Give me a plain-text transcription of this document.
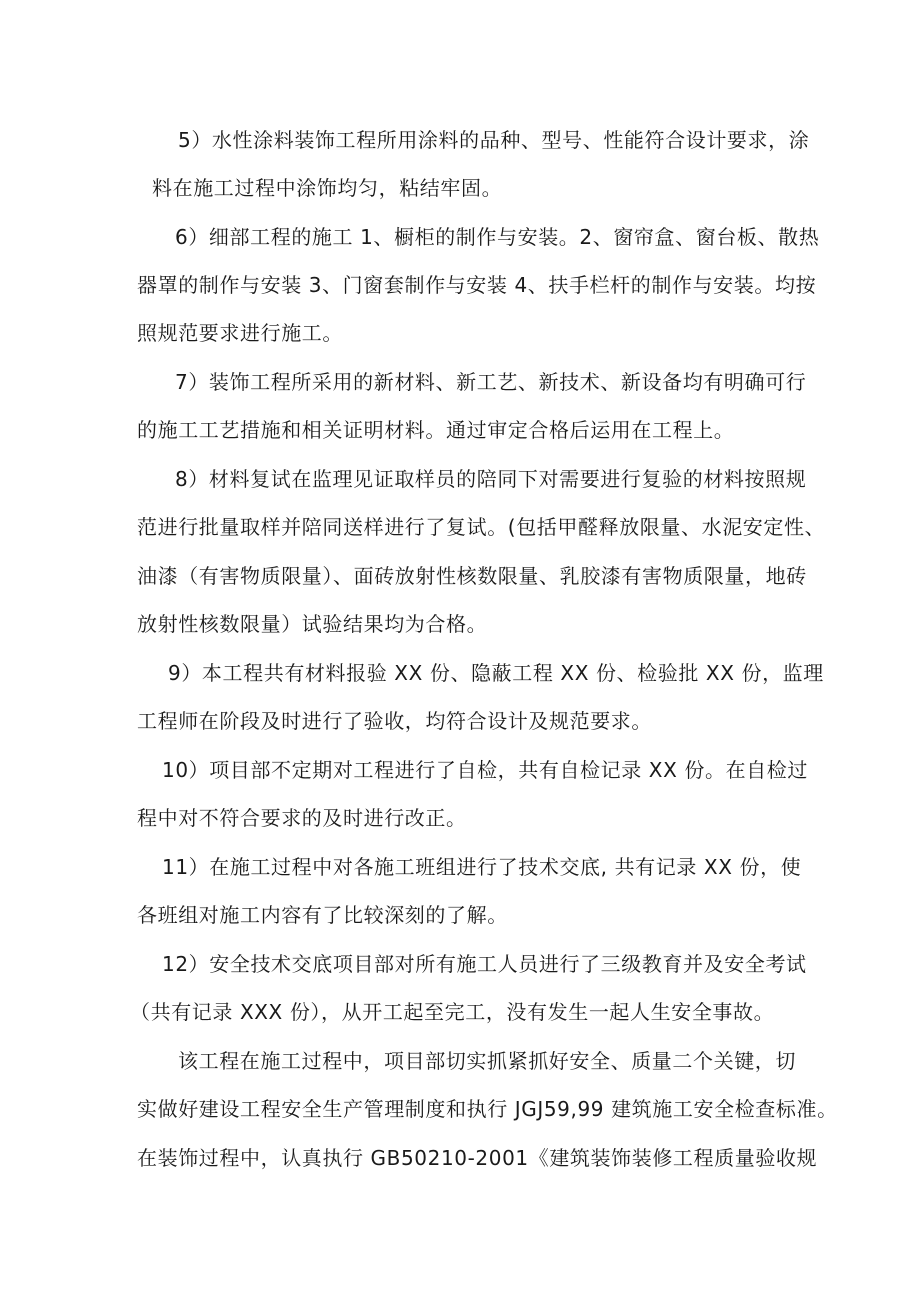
5）水性涂料装饰工程所用涂料的品种、型号、性能符合设计要求，涂
料在施工过程中涂饰均匀，粘结牢固。
6）细部工程的施工 1、橱柜的制作与安装。2、窗帘盒、窗台板、散热
器罩的制作与安装 3、门窗套制作与安装 4、扶手栏杆的制作与安装。均按
照规范要求进行施工。
7）装饰工程所采用的新材料、新工艺、新技术、新设备均有明确可行
的施工工艺措施和相关证明材料。通过审定合格后运用在工程上。
8）材料复试在监理见证取样员的陪同下对需要进行复验的材料按照规
范进行批量取样并陪同送样进行了复试。(包括甲醛释放限量、水泥安定性、
油漆（有害物质限量）、面砖放射性核数限量、乳胶漆有害物质限量，地砖
放射性核数限量）试验结果均为合格。
9）本工程共有材料报验 XX 份、隐蔽工程 XX 份、检验批 XX 份，监理
工程师在阶段及时进行了验收，均符合设计及规范要求。
10）项目部不定期对工程进行了自检，共有自检记录 XX 份。在自检过
程中对不符合要求的及时进行改正。
11）在施工过程中对各施工班组进行了技术交底, 共有记录 XX 份，使
各班组对施工内容有了比较深刻的了解。
12）安全技术交底项目部对所有施工人员进行了三级教育并及安全考试
（共有记录 XXX 份），从开工起至完工，没有发生一起人生安全事故。
该工程在施工过程中，项目部切实抓紧抓好安全、质量二个关键，切
实做好建设工程安全生产管理制度和执行 JGJ59,99 建筑施工安全检查标准。
在装饰过程中，认真执行 GB50210-2001《建筑装饰装修工程质量验收规
